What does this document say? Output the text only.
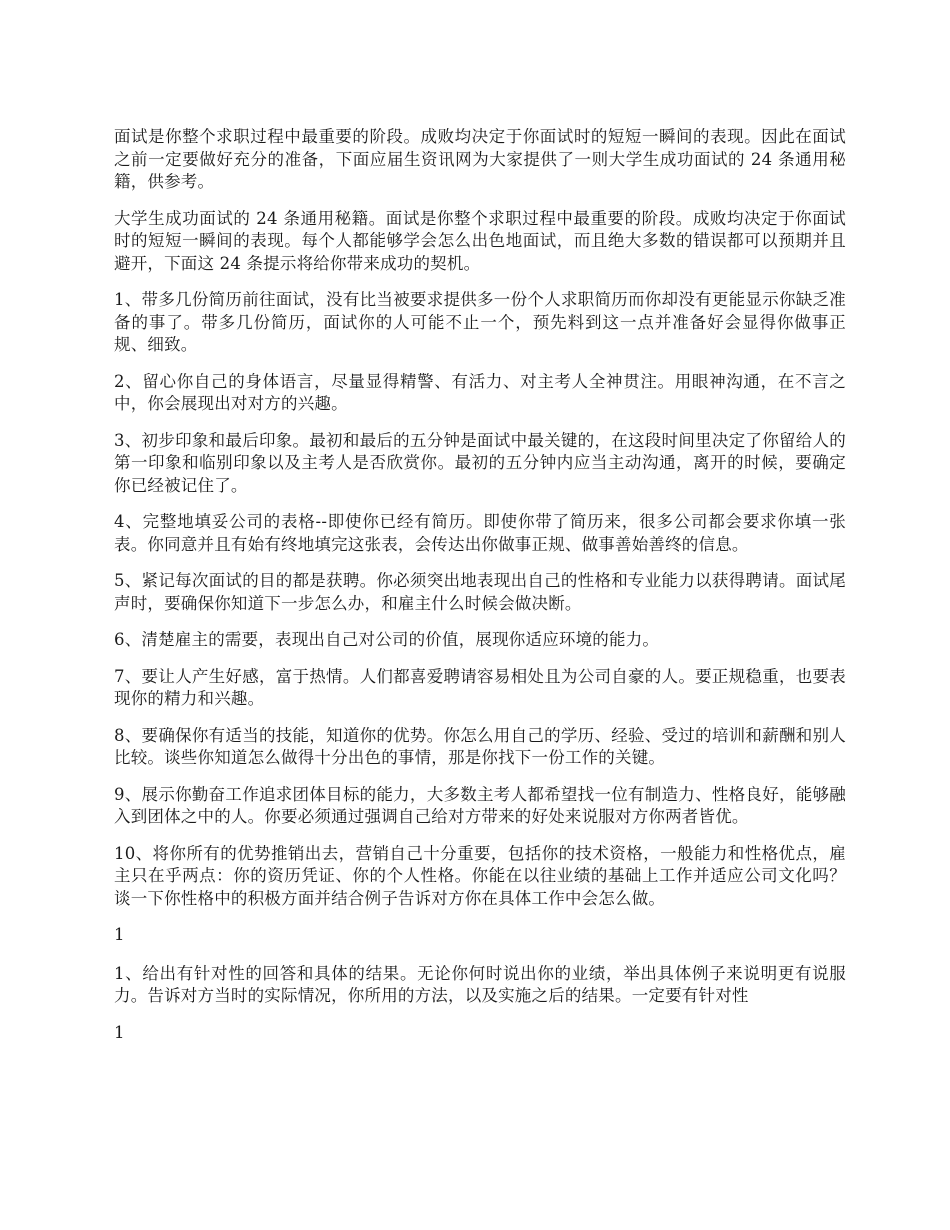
面试是你整个求职过程中最重要的阶段。成败均决定于你面试时的短短一瞬间的表现。因此在面试之前一定要做好充分的准备，下面应届生资讯网为大家提供了一则大学生成功面试的 24 条通用秘籍，供参考。

大学生成功面试的 24 条通用秘籍。面试是你整个求职过程中最重要的阶段。成败均决定于你面试时的短短一瞬间的表现。每个人都能够学会怎么出色地面试，而且绝大多数的错误都可以预期并且避开，下面这 24 条提示将给你带来成功的契机。

1、带多几份简历前往面试，没有比当被要求提供多一份个人求职简历而你却没有更能显示你缺乏准备的事了。带多几份简历，面试你的人可能不止一个，预先料到这一点并准备好会显得你做事正规、细致。

2、留心你自己的身体语言，尽量显得精警、有活力、对主考人全神贯注。用眼神沟通，在不言之中，你会展现出对对方的兴趣。

3、初步印象和最后印象。最初和最后的五分钟是面试中最关键的，在这段时间里决定了你留给人的第一印象和临别印象以及主考人是否欣赏你。最初的五分钟内应当主动沟通，离开的时候，要确定你已经被记住了。

4、完整地填妥公司的表格--即使你已经有简历。即使你带了简历来，很多公司都会要求你填一张表。你同意并且有始有终地填完这张表，会传达出你做事正规、做事善始善终的信息。

5、紧记每次面试的目的都是获聘。你必须突出地表现出自己的性格和专业能力以获得聘请。面试尾声时，要确保你知道下一步怎么办，和雇主什么时候会做决断。

6、清楚雇主的需要，表现出自己对公司的价值，展现你适应环境的能力。

7、要让人产生好感，富于热情。人们都喜爱聘请容易相处且为公司自豪的人。要正规稳重，也要表现你的精力和兴趣。

8、要确保你有适当的技能，知道你的优势。你怎么用自己的学历、经验、受过的培训和薪酬和别人比较。谈些你知道怎么做得十分出色的事情，那是你找下一份工作的关键。

9、展示你勤奋工作追求团体目标的能力，大多数主考人都希望找一位有制造力、性格良好，能够融入到团体之中的人。你要必须通过强调自己给对方带来的好处来说服对方你两者皆优。

10、将你所有的优势推销出去，营销自己十分重要，包括你的技术资格，一般能力和性格优点，雇主只在乎两点：你的资历凭证、你的个人性格。你能在以往业绩的基础上工作并适应公司文化吗？谈一下你性格中的积极方面并结合例子告诉对方你在具体工作中会怎么做。

1

1、给出有针对性的回答和具体的结果。无论你何时说出你的业绩，举出具体例子来说明更有说服力。告诉对方当时的实际情况，你所用的方法，以及实施之后的结果。一定要有针对性

1
